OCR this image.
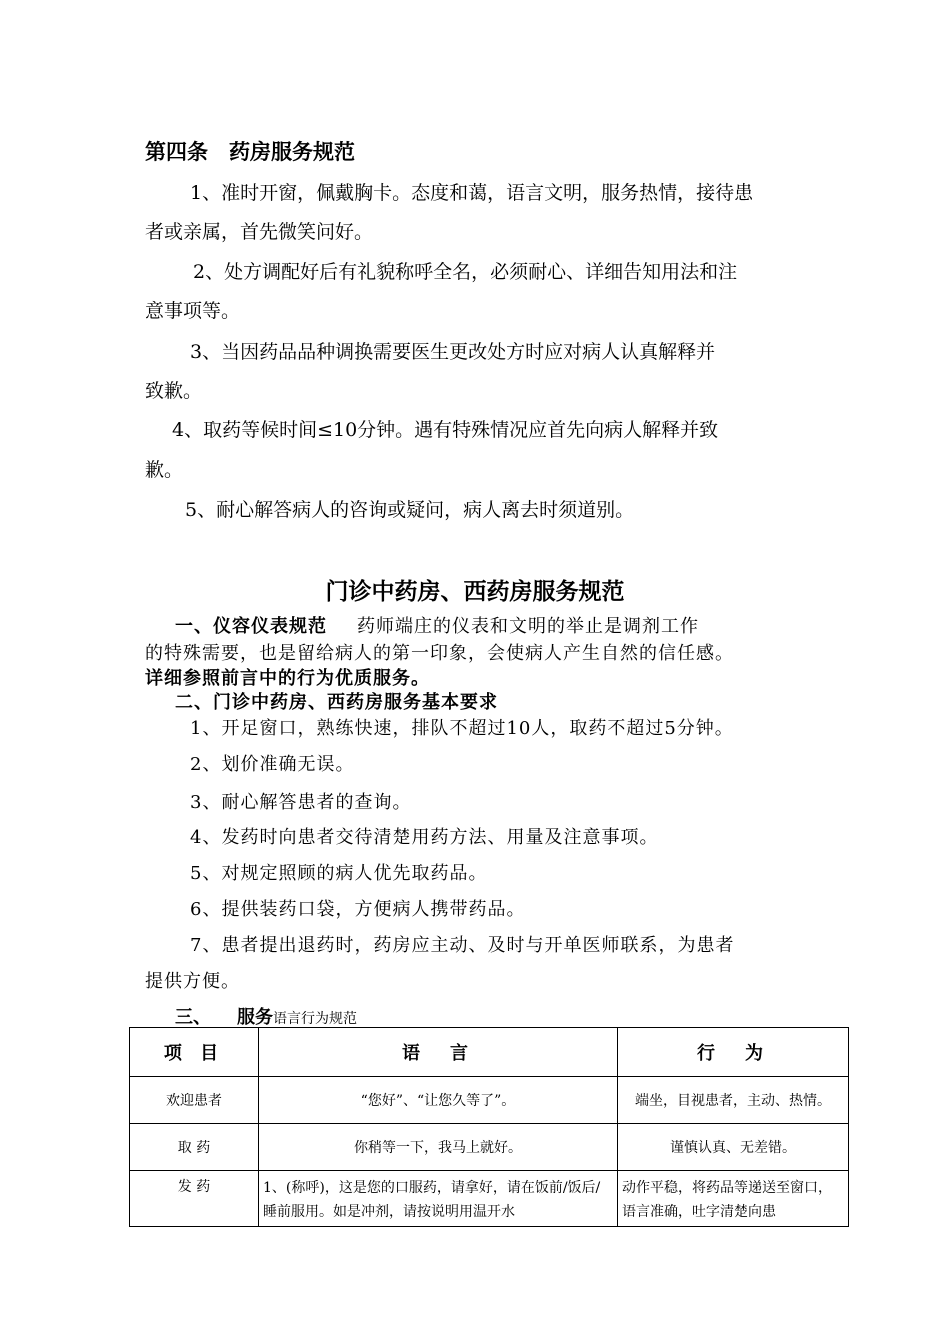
第四条　药房服务规范
1、准时开窗，佩戴胸卡。态度和蔼，语言文明，服务热情，接待患
者或亲属，首先微笑问好。
2、处方调配好后有礼貌称呼全名，必须耐心、详细告知用法和注
意事项等。
3、当因药品品种调换需要医生更改处方时应对病人认真解释并
致歉。
4、取药等候时间≤10分钟。遇有特殊情况应首先向病人解释并致
歉。
5、耐心解答病人的咨询或疑问，病人离去时须道别。
门诊中药房、西药房服务规范
一、仪容仪表规范 药师端庄的仪表和文明的举止是调剂工作
的特殊需要，也是留给病人的第一印象，会使病人产生自然的信任感。
详细参照前言中的行为优质服务。
二、门诊中药房、西药房服务基本要求
1、开足窗口，熟练快速，排队不超过10人，取药不超过5分钟。
2、划价准确无误。
3、耐心解答患者的查询。
4、发药时向患者交待清楚用药方法、用量及注意事项。
5、对规定照顾的病人优先取药品。
6、提供装药口袋，方便病人携带药品。
7、患者提出退药时，药房应主动、及时与开单医师联系，为患者
提供方便。
三、 服务语言行为规范
项 目	语　言	行　为
欢迎患者	“您好”、“让您久等了”。	端坐，目视患者，主动、热情。
取 药	你稍等一下，我马上就好。	谨慎认真、无差错。
发 药	1、(称呼)，这是您的口服药，请拿好，请在饭前/饭后/睡前服用。如是冲剂，请按说明用温开水	动作平稳，将药品等递送至窗口，语言准确，吐字清楚向患
